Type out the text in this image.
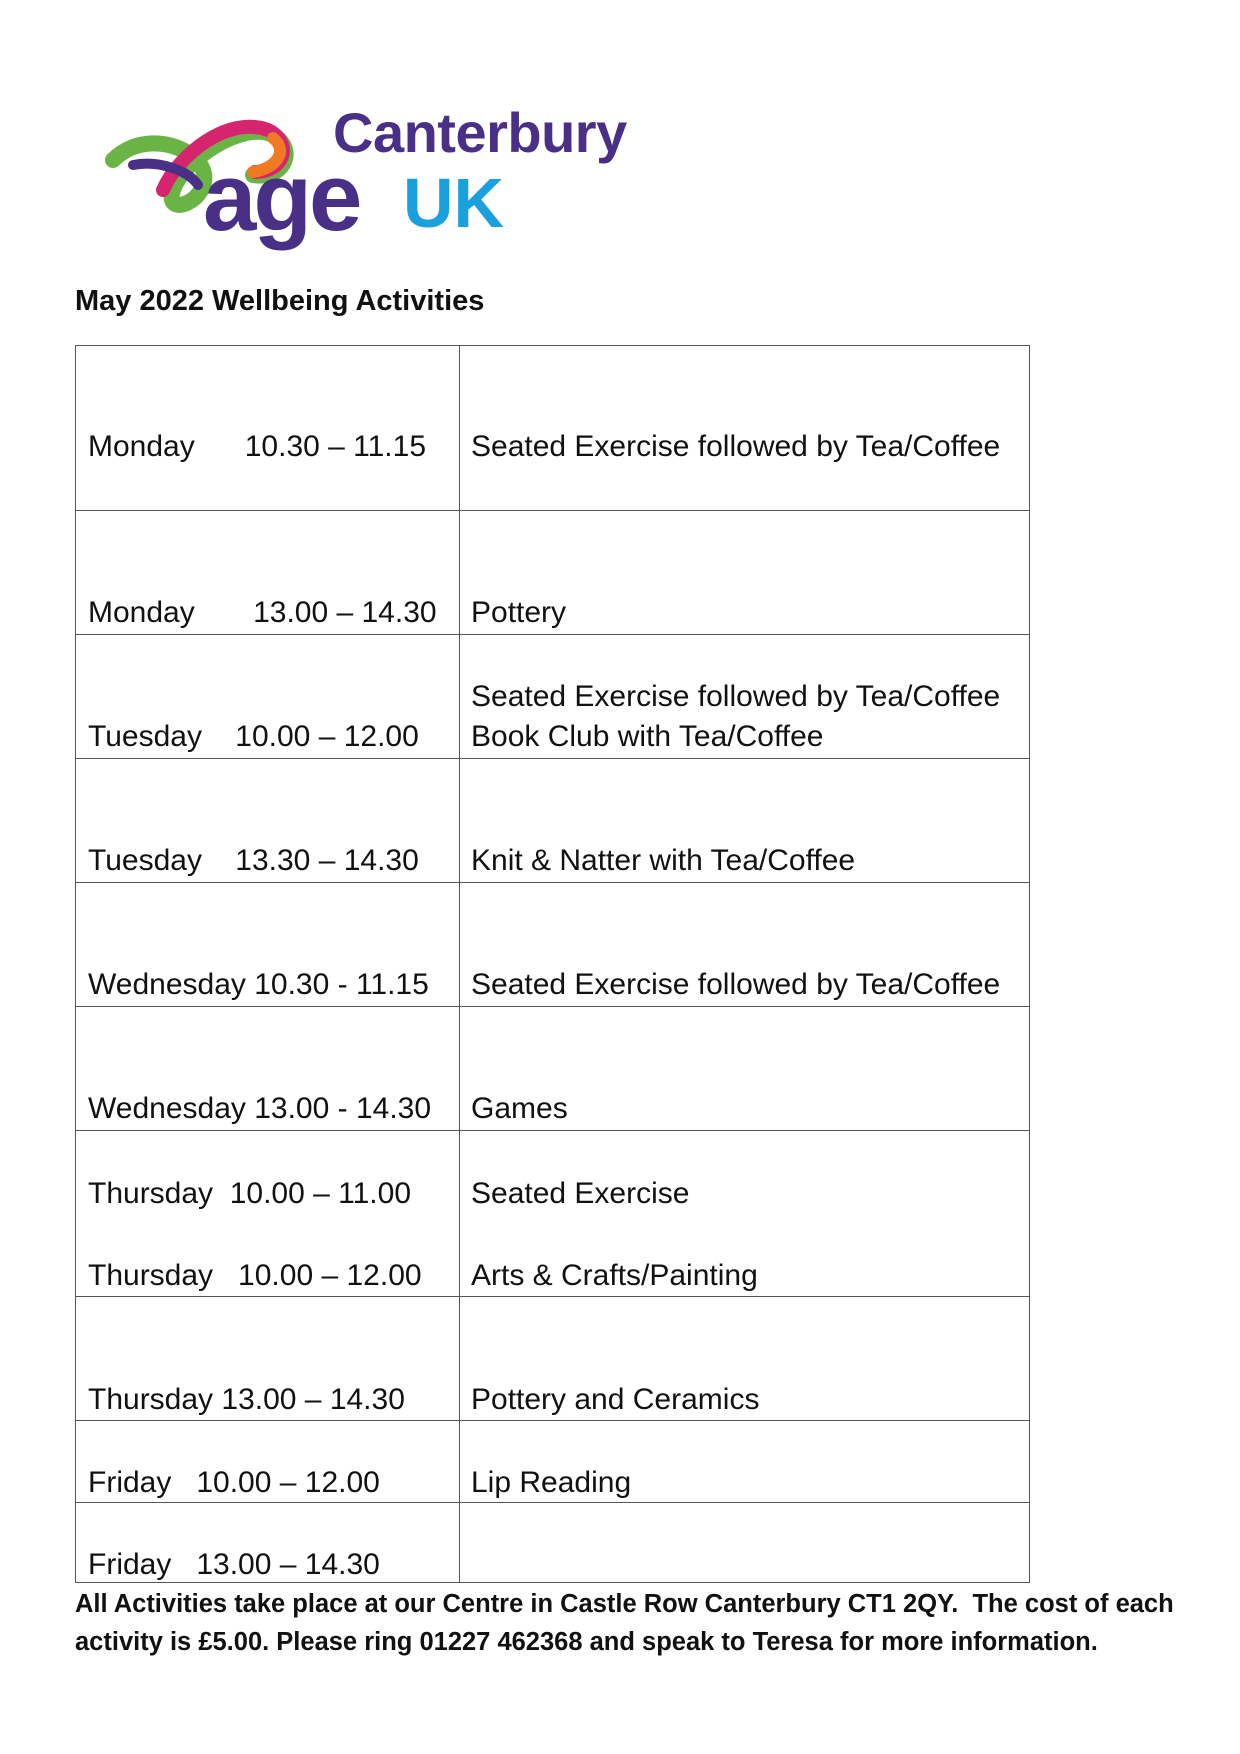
Canterbury
age UK
May 2022 Wellbeing Activities
Monday      10.30 – 11.15 Seated Exercise followed by Tea/Coffee
Monday       13.00 – 14.30 Pottery
Tuesday    10.00 – 12.00
Seated Exercise followed by Tea/Coffee
Book Club with Tea/Coffee
Tuesday    13.30 – 14.30 Knit & Natter with Tea/Coffee
Wednesday 10.30 - 11.15 Seated Exercise followed by Tea/Coffee
Wednesday 13.00 - 14.30 Games
Thursday  10.00 – 11.00 Seated Exercise
Thursday   10.00 – 12.00 Arts & Crafts/Painting
Thursday 13.00 – 14.30 Pottery and Ceramics
Friday   10.00 – 12.00	Lip Reading
Friday   13.00 – 14.30
All Activities take place at our Centre in Castle Row Canterbury CT1 2QY.  The cost of each
activity is £5.00. Please ring 01227 462368 and speak to Teresa for more information.
